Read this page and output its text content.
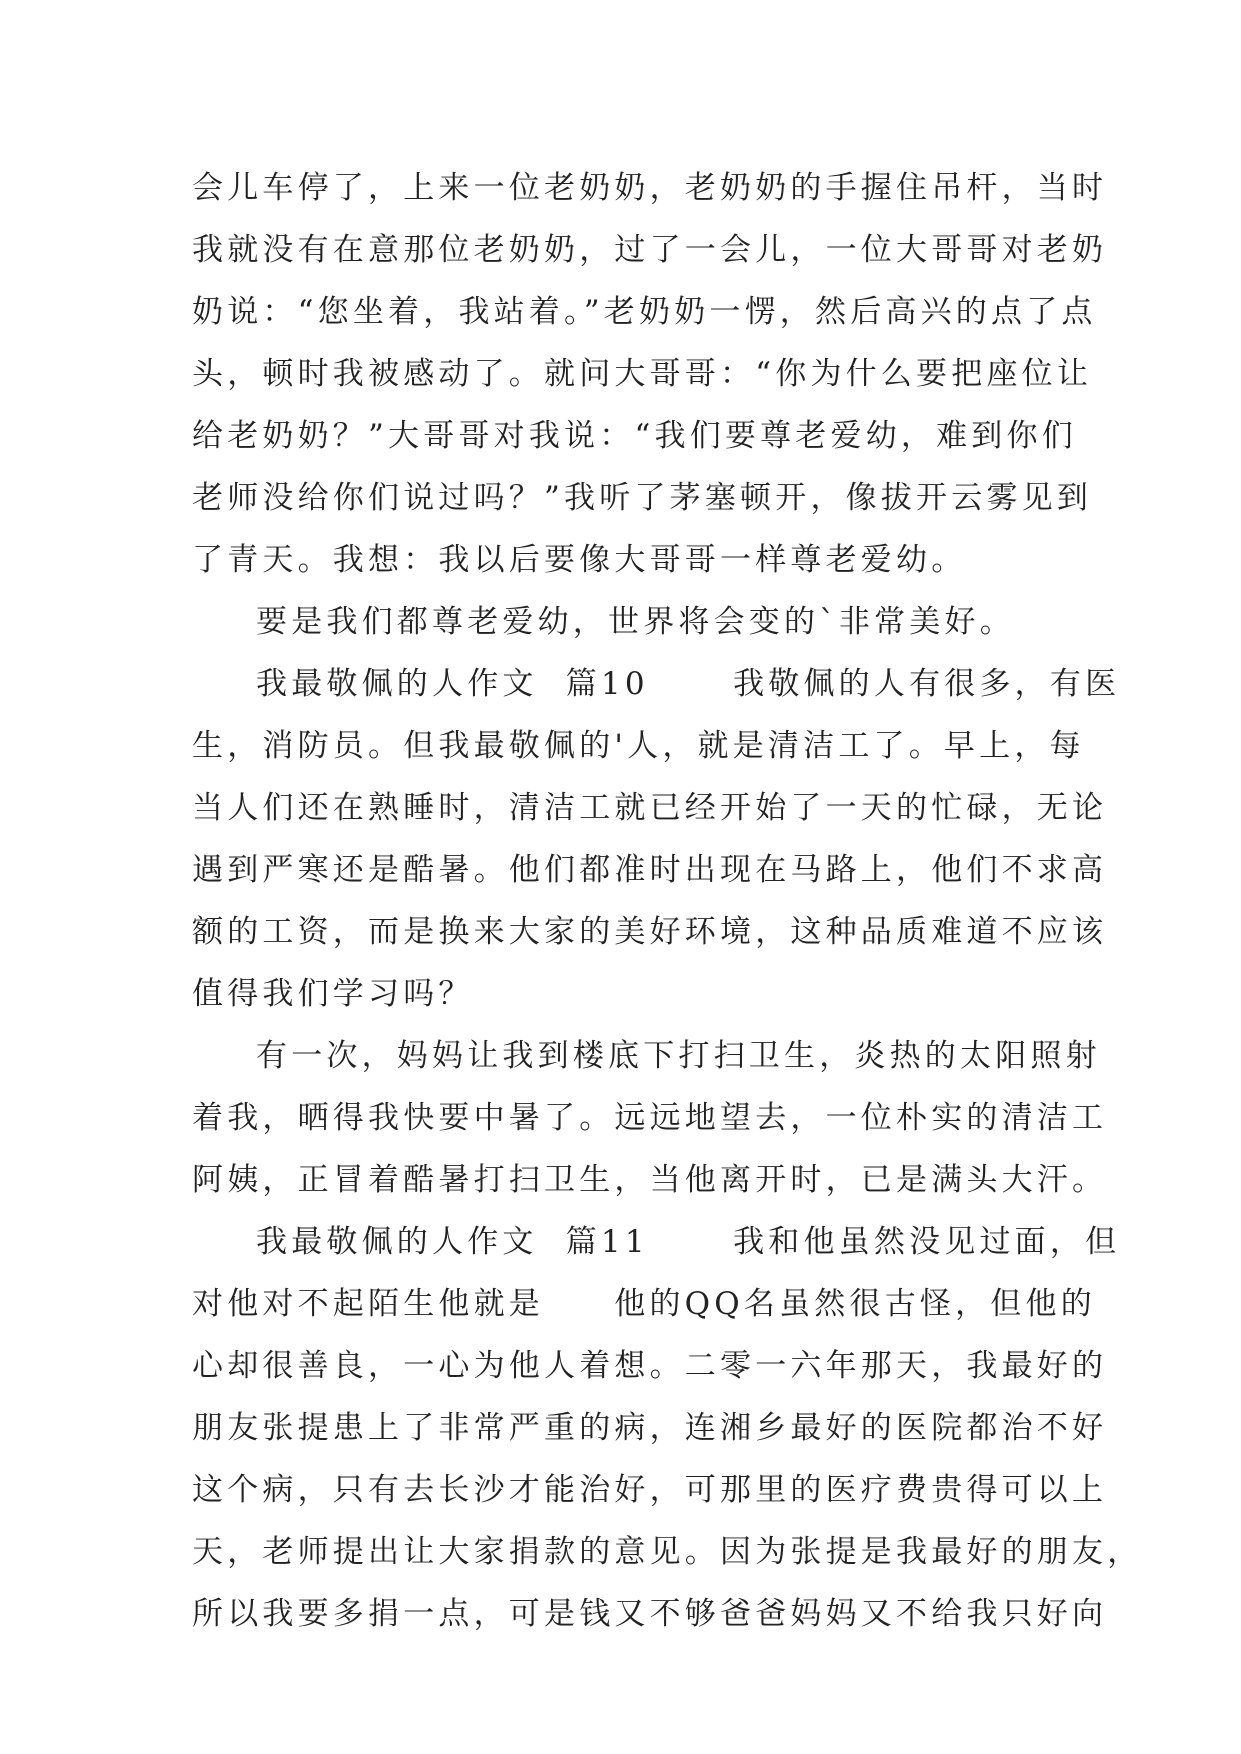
会儿车停了，上来一位老奶奶，老奶奶的手握住吊杆，当时
我就没有在意那位老奶奶，过了一会儿，一位大哥哥对老奶
奶说：“您坐着，我站着。”老奶奶一愣，然后高兴的点了点
头，顿时我被感动了。就问大哥哥：“你为什么要把座位让
给老奶奶？”大哥哥对我说：“我们要尊老爱幼，难到你们
老师没给你们说过吗？”我听了茅塞顿开，像拔开云雾见到
了青天。我想：我以后要像大哥哥一样尊老爱幼。
要是我们都尊老爱幼，世界将会变的`非常美好。
我最敬佩的人作文  篇10      我敬佩的人有很多，有医
生，消防员。但我最敬佩的'人，就是清洁工了。早上，每
当人们还在熟睡时，清洁工就已经开始了一天的忙碌，无论
遇到严寒还是酷暑。他们都准时出现在马路上，他们不求高
额的工资，而是换来大家的美好环境，这种品质难道不应该
值得我们学习吗？
有一次，妈妈让我到楼底下打扫卫生，炎热的太阳照射
着我，晒得我快要中暑了。远远地望去，一位朴实的清洁工
阿姨，正冒着酷暑打扫卫生，当他离开时，已是满头大汗。
我最敬佩的人作文  篇11      我和他虽然没见过面，但
对他对不起陌生他就是     他的QQ名虽然很古怪，但他的
心却很善良，一心为他人着想。二零一六年那天，我最好的
朋友张提患上了非常严重的病，连湘乡最好的医院都治不好
这个病，只有去长沙才能治好，可那里的医疗费贵得可以上
天，老师提出让大家捐款的意见。因为张提是我最好的朋友，
所以我要多捐一点，可是钱又不够爸爸妈妈又不给我只好向
